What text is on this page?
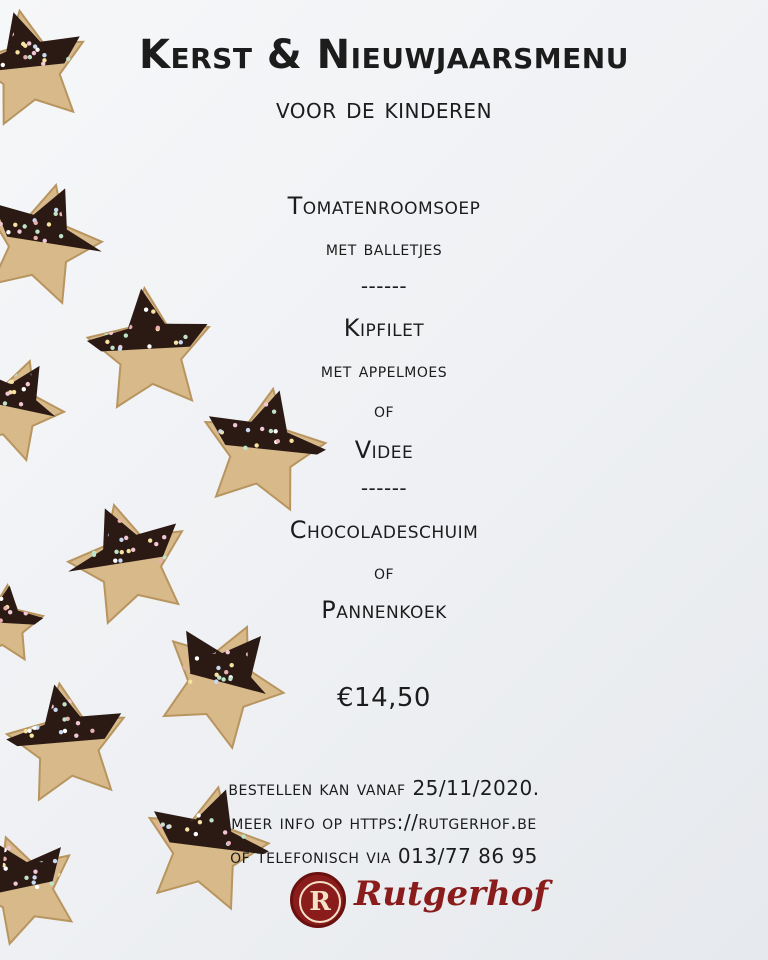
Kerst & Nieuwjaarsmenu
voor de kinderen
Tomatenroomsoep
met balletjes
------
Kipfilet
met appelmoes
of
Videe
------
Chocoladeschuim
of
Pannenkoek
€14,50
bestellen kan vanaf 25/11/2020.
meer info op https://rutgerhof.be
of telefonisch via 013/77 86 95
R Rutgerhof
